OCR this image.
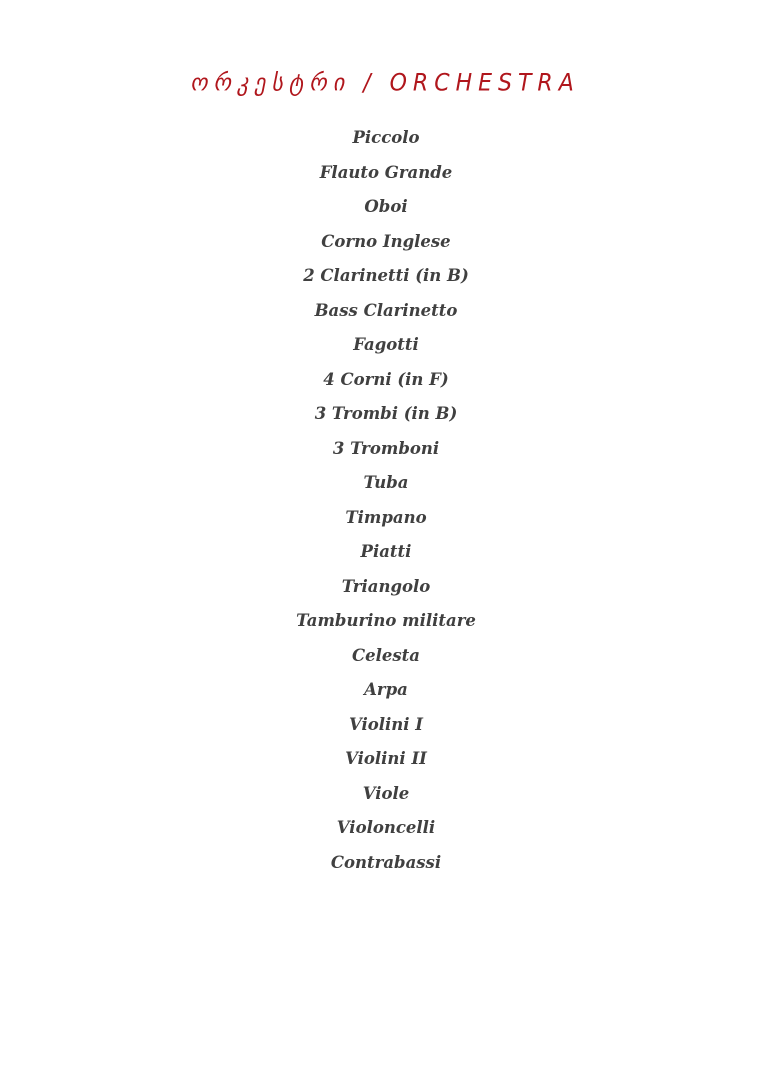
ორკესტრი / ORCHESTRA
Piccolo
Flauto Grande
Oboi
Corno Inglese
2 Clarinetti (in B)
Bass Clarinetto
Fagotti
4 Corni (in F)
3 Trombi (in B)
3 Tromboni
Tuba
Timpano
Piatti
Triangolo
Tamburino militare
Celesta
Arpa
Violini I
Violini II
Viole
Violoncelli
Contrabassi
